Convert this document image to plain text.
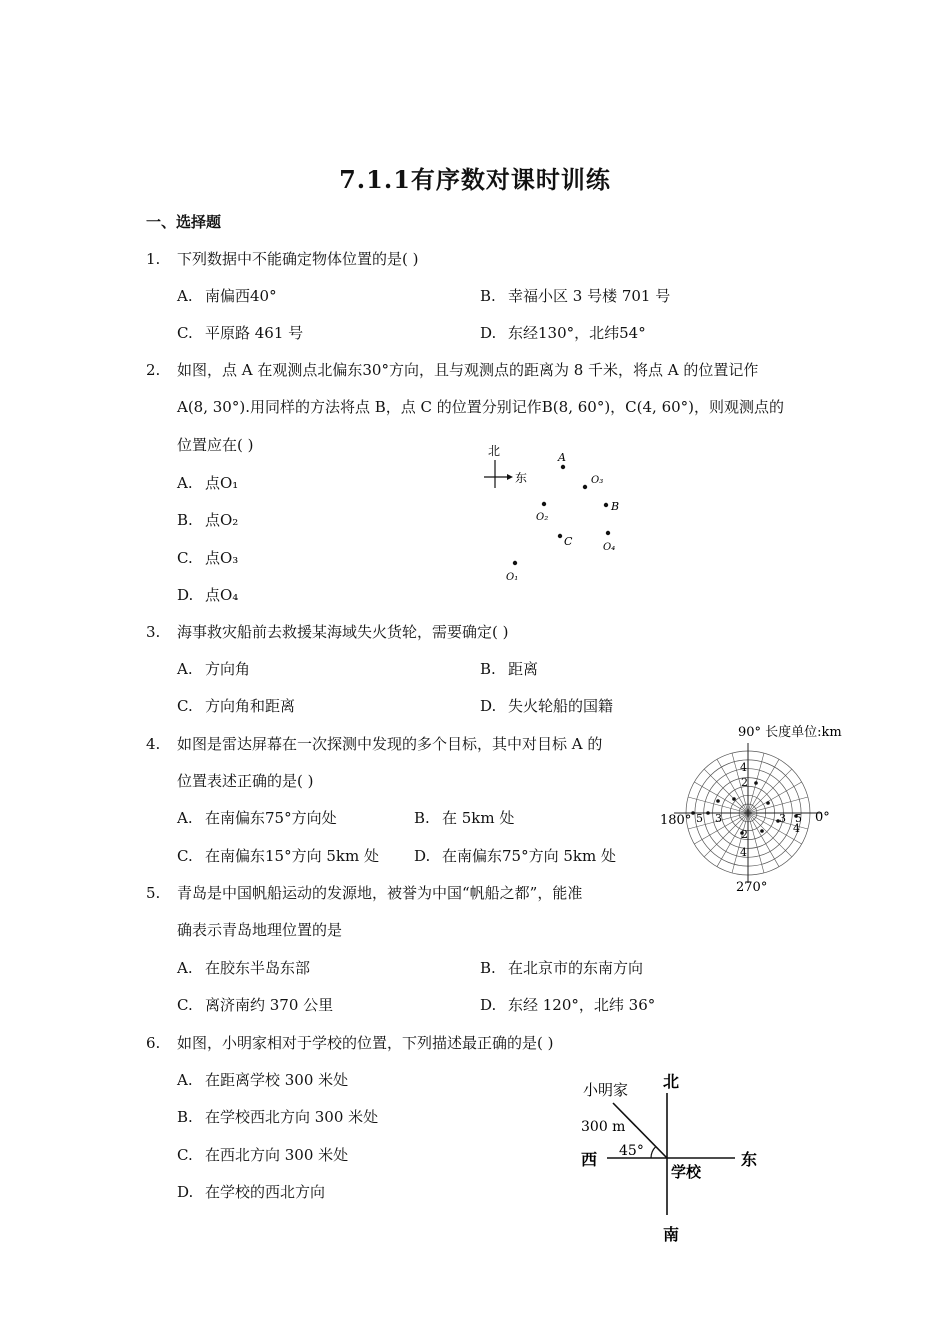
7.1.1有序数对课时训练
一、选择题
1. 下列数据中不能确定物体位置的是( )
A. 南偏西40°	B. 幸福小区 3 号楼 701 号
C. 平原路 461 号	D. 东经130°，北纬54°
2. 如图，点 A 在观测点北偏东30°方向，且与观测点的距离为 8 千米，将点 A 的位置记作
A(8, 30°).用同样的方法将点 B，点 C 的位置分别记作B(8, 60°)，C(4, 60°)，则观测点的
位置应在( )
A. 点O₁
B. 点O₂
C. 点O₃
D. 点O₄
北
东
A
O₃
B
O₂
C	O₄
O₁
3. 海事救灾船前去救援某海域失火货轮，需要确定( )
A. 方向角	B. 距离
C. 方向角和距离	D. 失火轮船的国籍
4. 如图是雷达屏幕在一次探测中发现的多个目标，其中对目标 A 的
位置表述正确的是( )
A. 在南偏东75°方向处	B. 在 5km 处
C. 在南偏东15°方向 5km 处 D. 在南偏东75°方向 5km 处
90° 长度单位:km
180°	0°
270°
5 3	3 5
4
2
2
4
4
5. 青岛是中国帆船运动的发源地，被誉为中国“帆船之都”，能准
确表示青岛地理位置的是
A. 在胶东半岛东部	B. 在北京市的东南方向
C. 离济南约 370 公里	D. 东经 120°，北纬 36°
6. 如图，小明家相对于学校的位置，下列描述最正确的是( )
A. 在距离学校 300 米处
B. 在学校西北方向 300 米处
C. 在西北方向 300 米处
D. 在学校的西北方向
北
南
西	东
小明家
300 m
45°
学校
